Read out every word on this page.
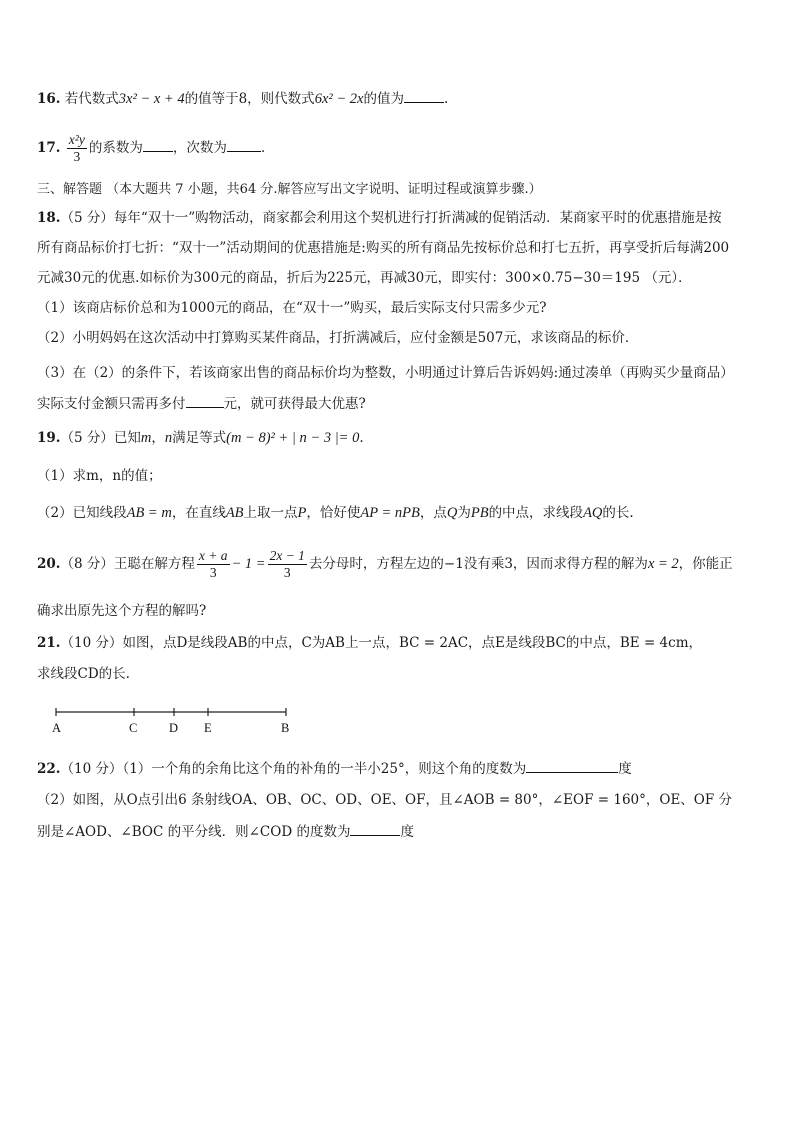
16. 若代数式3x² − x + 4的值等于8，则代数式6x² − 2x的值为	.
17. $\frac{\text{x²y}}{3}$ 的系数为 ，次数为	.
三、解答题 （本大题共 7 小题，共64 分.解答应写出文字说明、证明过程或演算步骤.）
18.（5 分）每年“双十一”购物活动，商家都会利用这个契机进行打折满减的促销活动．某商家平时的优惠措施是按
所有商品标价打七折：“双十一”活动期间的优惠措施是:购买的所有商品先按标价总和打七五折，再享受折后每满200
元减30元的优惠.如标价为300元的商品，折后为225元，再减30元，即实付：300×0.75−30＝195 （元）．
（1）该商店标价总和为1000元的商品，在“双十一”购买，最后实际支付只需多少元?
（2）小明妈妈在这次活动中打算购买某件商品，打折满减后，应付金额是507元，求该商品的标价．
（3）在（2）的条件下，若该商家出售的商品标价均为整数，小明通过计算后告诉妈妈:通过凑单（再购买少量商品）
实际支付金额只需再多付	元，就可获得最大优惠?
19.（5 分）已知m，n满足等式(m − 8)² + | n − 3 |= 0.
（1）求m，n的值；
（2）已知线段AB = m，在直线AB上取一点P，恰好使AP = nPB，点Q为PB的中点，求线段AQ的长.
20.（8 分）王聪在解方程 $\frac{x + a}{3} - 1 = \frac{2x - 1}{3}$ 去分母时，方程左边的−1没有乘3，因而求得方程的解为x = 2，你能正
确求出原先这个方程的解吗?
21.（10 分）如图，点D是线段AB的中点，C为AB上一点，BC = 2AC，点E是线段BC的中点，BE = 4cm，
求线段CD的长.
A	C	D E	B
22.（10 分）（1）一个角的余角比这个角的补角的一半小25°，则这个角的度数为	度
（2）如图，从O点引出6 条射线OA、OB、OC、OD、OE、OF，且∠AOB = 80°，∠EOF = 160°，OE、OF 分
别是∠AOD、∠BOC 的平分线．则∠COD 的度数为	度
